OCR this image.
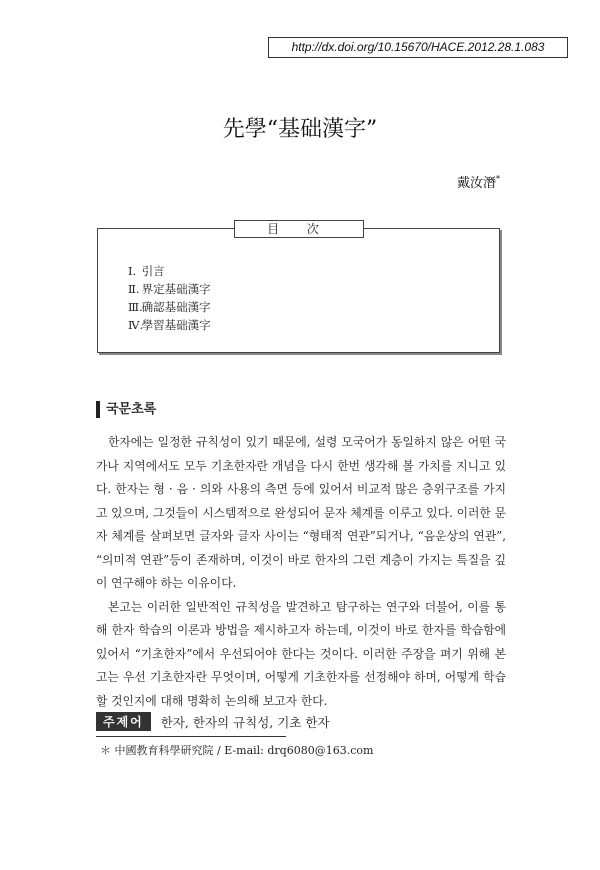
http://dx.doi.org/10.15670/HACE.2012.28.1.083
先學“基础漢字”
戴汝潛*
目 次
Ⅰ. 引言
Ⅱ. 界定基础漢字
Ⅲ. 确認基础漢字
Ⅳ. 學習基础漢字
국문초록

한자에는 일정한 규칙성이 있기 때문에, 설령 모국어가 동일하지 않은 어떤 국가나 지역에서도 모두 기초한자란 개념을 다시 한번 생각해 볼 가치를 지니고 있다. 한자는 형 · 음 · 의와 사용의 측면 등에 있어서 비교적 많은 층위구조를 가지고 있으며, 그것들이 시스템적으로 완성되어 문자 체계를 이루고 있다. 이러한 문자 체계를 살펴보면 글자와 글자 사이는 “형태적 연관”되거나, “음운상의 연관”, “의미적 연관”등이 존재하며, 이것이 바로 한자의 그런 계층이 가지는 특질을 깊이 연구해야 하는 이유이다.

본고는 이러한 일반적인 규칙성을 발견하고 탐구하는 연구와 더불어, 이를 통해 한자 학습의 이론과 방법을 제시하고자 하는데, 이것이 바로 한자를 학습함에 있어서 “기초한자”에서 우선되어야 한다는 것이다. 이러한 주장을 펴기 위해 본고는 우선 기초한자란 무엇이며, 어떻게 기초한자를 선정해야 하며, 어떻게 학습할 것인지에 대해 명확히 논의해 보고자 한다.

주제어	한자, 한자의 규칙성, 기초 한자
＊ 中國教育科學研究院 / E-mail: drq6080@163.com
